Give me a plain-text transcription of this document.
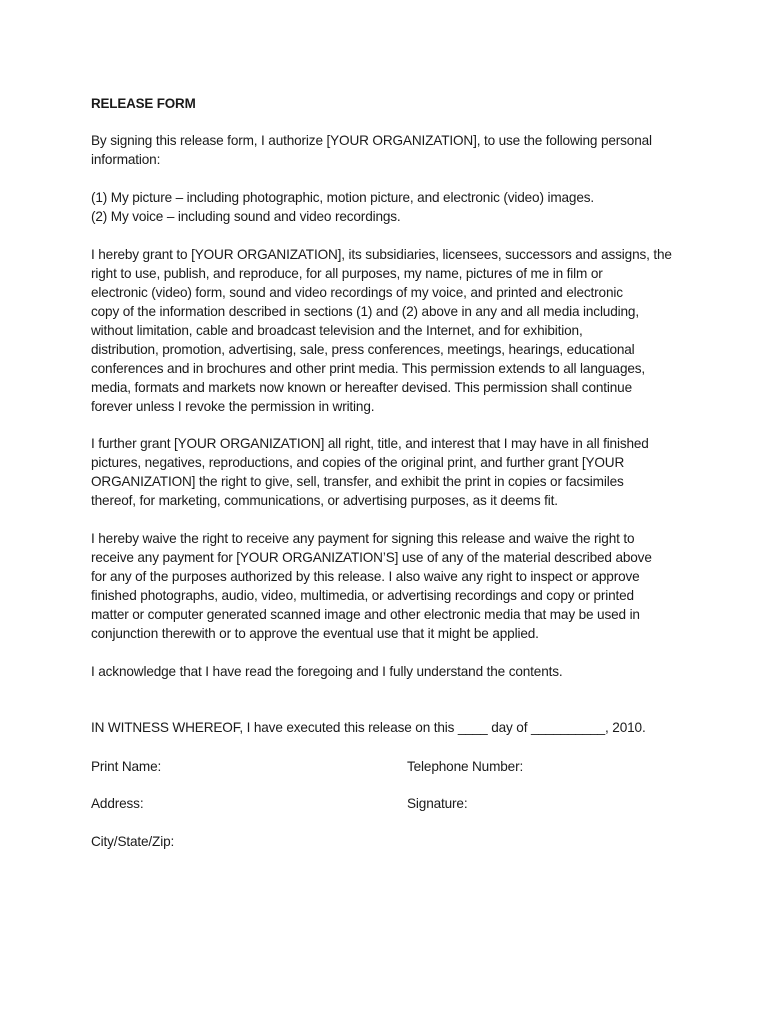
RELEASE FORM
By signing this release form, I authorize [YOUR ORGANIZATION], to use the following personal
information:
(1) My picture – including photographic, motion picture, and electronic (video) images.
(2) My voice – including sound and video recordings.
I hereby grant to [YOUR ORGANIZATION], its subsidiaries, licensees, successors and assigns, the
right to use, publish, and reproduce, for all purposes, my name, pictures of me in film or
electronic (video) form, sound and video recordings of my voice, and printed and electronic
copy of the information described in sections (1) and (2) above in any and all media including,
without limitation, cable and broadcast television and the Internet, and for exhibition,
distribution, promotion, advertising, sale, press conferences, meetings, hearings, educational
conferences and in brochures and other print media. This permission extends to all languages,
media, formats and markets now known or hereafter devised. This permission shall continue
forever unless I revoke the permission in writing.
I further grant [YOUR ORGANIZATION] all right, title, and interest that I may have in all finished
pictures, negatives, reproductions, and copies of the original print, and further grant [YOUR
ORGANIZATION] the right to give, sell, transfer, and exhibit the print in copies or facsimiles
thereof, for marketing, communications, or advertising purposes, as it deems fit.
I hereby waive the right to receive any payment for signing this release and waive the right to
receive any payment for [YOUR ORGANIZATION’S] use of any of the material described above
for any of the purposes authorized by this release. I also waive any right to inspect or approve
finished photographs, audio, video, multimedia, or advertising recordings and copy or printed
matter or computer generated scanned image and other electronic media that may be used in
conjunction therewith or to approve the eventual use that it might be applied.
I acknowledge that I have read the foregoing and I fully understand the contents.
IN WITNESS WHEREOF, I have executed this release on this ____ day of __________, 2010.
Print Name:	Telephone Number:
Address:	Signature:
City/State/Zip:
